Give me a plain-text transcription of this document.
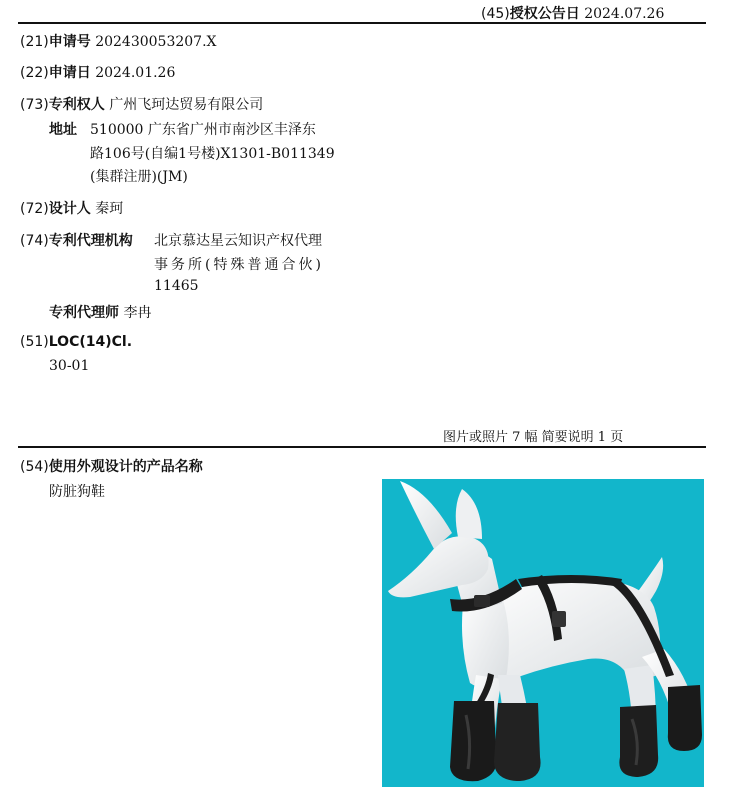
(45)授权公告日 2024.07.26
(21)申请号 202430053207.X
(22)申请日 2024.01.26
(73)专利权人 广州飞珂达贸易有限公司
地址 510000 广东省广州市南沙区丰泽东
路106号(自编1号楼)X1301-B011349
(集群注册)(JM)
(72)设计人 秦珂
(74)专利代理机构 北京慕达星云知识产权代理
事务所(特殊普通合伙)
11465
专利代理师 李冉
(51)LOC(14)Cl.
30-01
图片或照片 7 幅 简要说明 1 页
(54)使用外观设计的产品名称
防脏狗鞋
